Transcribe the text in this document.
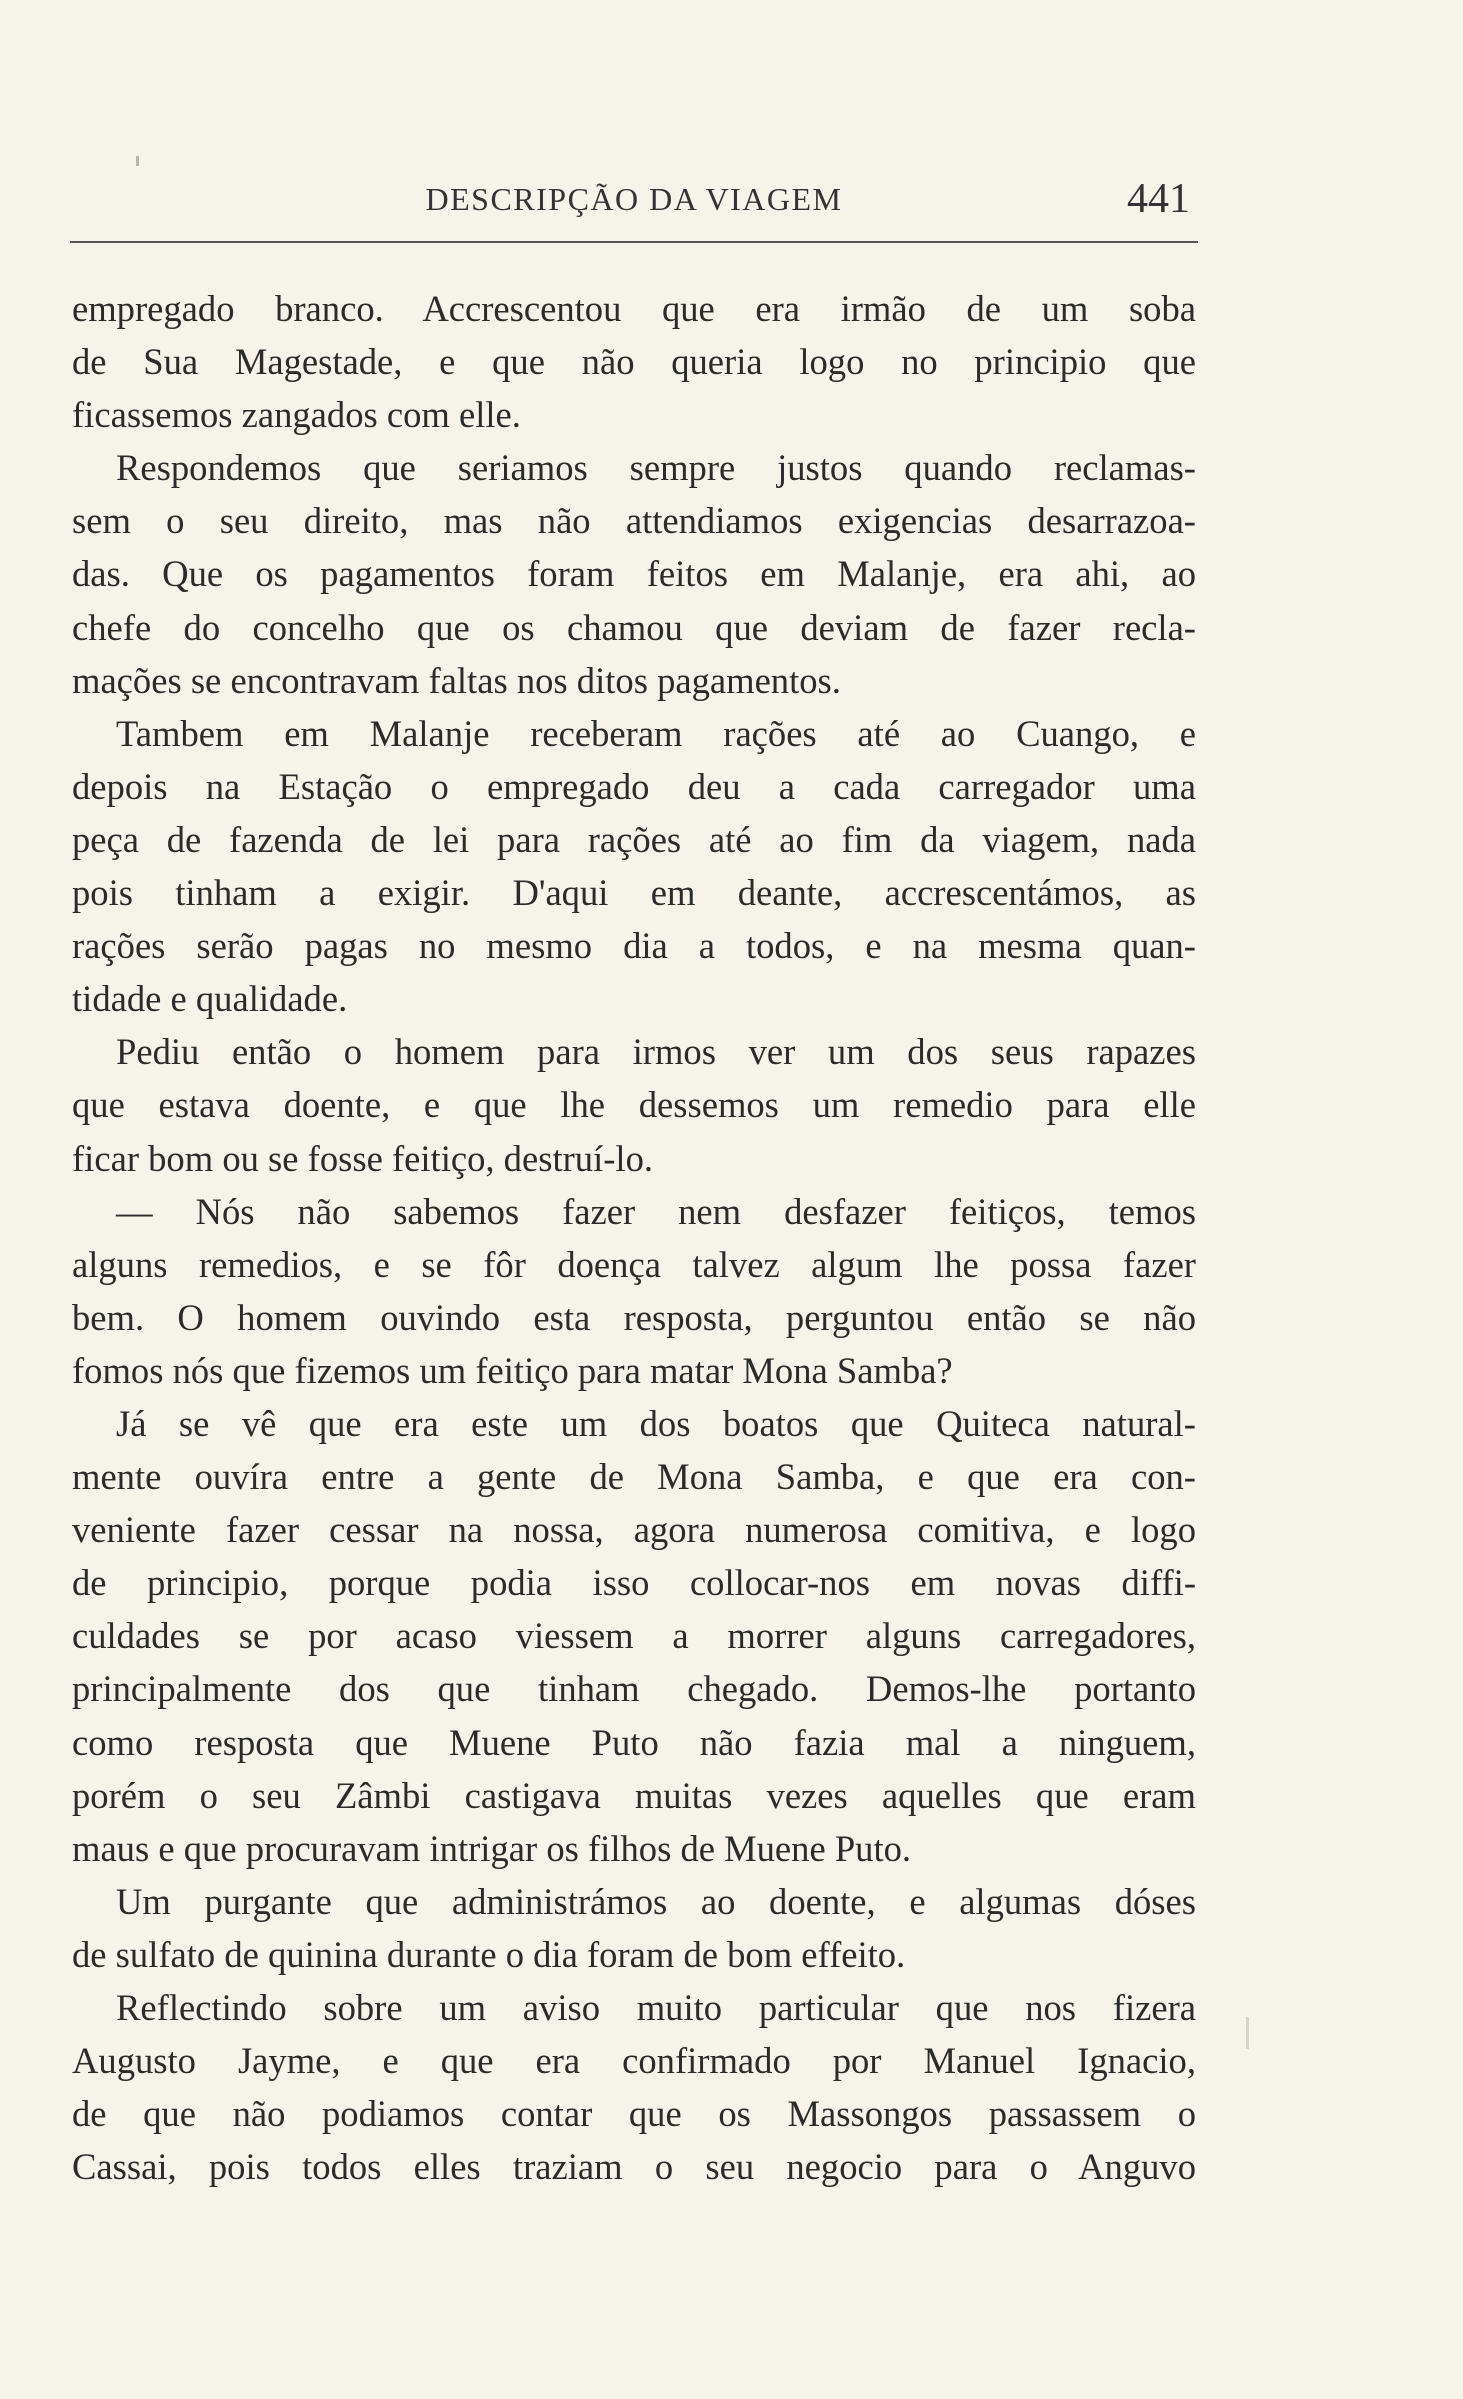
DESCRIPÇÃO DA VIAGEM	441
empregado branco. Accrescentou que era irmão de um soba
de Sua Magestade, e que não queria logo no principio que
ficassemos zangados com elle.
Respondemos que seriamos sempre justos quando reclamas-
sem o seu direito, mas não attendiamos exigencias desarrazoa-
das. Que os pagamentos foram feitos em Malanje, era ahi, ao
chefe do concelho que os chamou que deviam de fazer recla-
mações se encontravam faltas nos ditos pagamentos.
Tambem em Malanje receberam rações até ao Cuango, e
depois na Estação o empregado deu a cada carregador uma
peça de fazenda de lei para rações até ao fim da viagem, nada
pois tinham a exigir. D'aqui em deante, accrescentámos, as
rações serão pagas no mesmo dia a todos, e na mesma quan-
tidade e qualidade.
Pediu então o homem para irmos ver um dos seus rapazes
que estava doente, e que lhe dessemos um remedio para elle
ficar bom ou se fosse feitiço, destruí-lo.
— Nós não sabemos fazer nem desfazer feitiços, temos
alguns remedios, e se fôr doença talvez algum lhe possa fazer
bem. O homem ouvindo esta resposta, perguntou então se não
fomos nós que fizemos um feitiço para matar Mona Samba?
Já se vê que era este um dos boatos que Quiteca natural-
mente ouvíra entre a gente de Mona Samba, e que era con-
veniente fazer cessar na nossa, agora numerosa comitiva, e logo
de principio, porque podia isso collocar-nos em novas diffi-
culdades se por acaso viessem a morrer alguns carregadores,
principalmente dos que tinham chegado. Demos-lhe portanto
como resposta que Muene Puto não fazia mal a ninguem,
porém o seu Zâmbi castigava muitas vezes aquelles que eram
maus e que procuravam intrigar os filhos de Muene Puto.
Um purgante que administrámos ao doente, e algumas dóses
de sulfato de quinina durante o dia foram de bom effeito.
Reflectindo sobre um aviso muito particular que nos fizera
Augusto Jayme, e que era confirmado por Manuel Ignacio,
de que não podiamos contar que os Massongos passassem o
Cassai, pois todos elles traziam o seu negocio para o Anguvo
